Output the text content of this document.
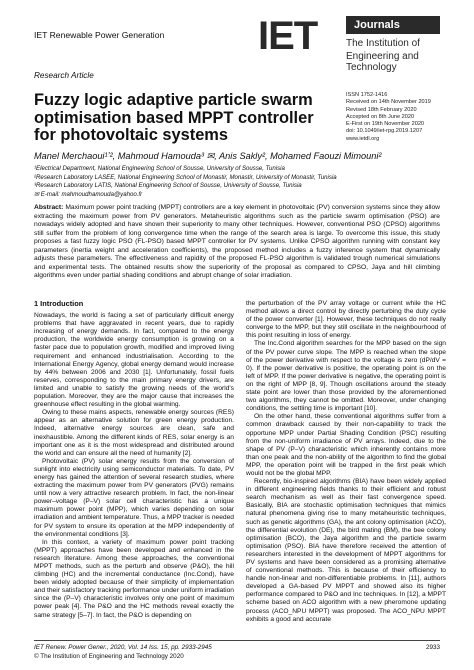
IET Renewable Power Generation
Research Article
IET	Journals
The Institution of
Engineering and Technology
Fuzzy logic adaptive particle swarm optimisation based MPPT controller for photovoltaic systems
ISSN 1752-1416
Received on 14th November 2019
Revised 18th February 2020
Accepted on 8th June 2020
E-First on 19th November 2020
doi: 10.1049/iet-rpg.2019.1207
www.ietdl.org
Manel Merchaoui¹ʼ², Mahmoud Hamouda³ ✉, Anis Sakly², Mohamed Faouzi Mimouni²
¹Electrical Department, National Engineering School of Sousse, University of Sousse, Tunisia
²Research Laboratory LASEE, National Engineering School of Monastir, Monastir, University of Monastir, Tunisia
³Research Laboratory LATIS, National Engineering School of Sousse, University of Sousse, Tunisia
✉ E-mail: mahmoudhamouda@yahoo.fr
Abstract: Maximum power point tracking (MPPT) controllers are a key element in photovoltaic (PV) conversion systems since they allow extracting the maximum power from PV generators. Metaheuristic algorithms such as the particle swarm optimisation (PSO) are nowadays widely adopted and have shown their superiority to many other techniques. However, conventional PSO (CPSO) algorithms still suffer from the problem of long convergence time when the range of the search area is large. To overcome this issue, this study proposes a fast fuzzy logic PSO (FL-PSO) based MPPT controller for PV systems. Unlike CPSO algorithm running with constant key parameters (inertia weight and acceleration coefficients), the proposed method includes a fuzzy inference system that dynamically adjusts these parameters. The effectiveness and rapidity of the proposed FL-PSO algorithm is validated trough numerical simulations and experimental tests. The obtained results show the superiority of the proposal as compared to CPSO, Jaya and hill climbing algorithms even under partial shading conditions and abrupt change of solar irradiation.

1 Introduction

Nowadays, the world is facing a set of particularly difficult energy problems that have aggravated in recent years, due to rapidly increasing of energy demands. In fact, compared to the energy production, the worldwide energy consumption is growing on a faster pace due to population growth, modified and improved living requirement and enhanced industrialisation. According to the International Energy Agency, global energy demand would increase by 44% between 2006 and 2030 [1]. Unfortunately, fossil fuels reserves, corresponding to the main primary energy drivers, are limited and unable to satisfy the growing needs of the world's population. Moreover, they are the major cause that increases the greenhouse effect resulting in the global warming.

Owing to these mains aspects, renewable energy sources (RES) appear as an alternative solution for green energy production. Indeed, alternative energy sources are clean, safe and inexhaustible. Among the different kinds of RES, solar energy is an important one as it is the most widespread and distributed around the world and can ensure all the need of humanity [2].

Photovoltaic (PV) solar energy results from the conversion of sunlight into electricity using semiconductor materials. To date, PV energy has gained the attention of several research studies, where extracting the maximum power from PV generators (PVG) remains until now a very attractive research problem. In fact, the non-linear power–voltage (P–V) solar cell characteristic has a unique maximum power point (MPP), which varies depending on solar irradiation and ambient temperature. Thus, a MPP tracker is needed for PV system to ensure its operation at the MPP independently of the environmental conditions [3].

In this context, a variety of maximum power point tracking (MPPT) approaches have been developed and enhanced in the research literature. Among these approaches, the conventional MPPT methods, such as the perturb and observe (P&O), the hill climbing (HC) and the incremental conductance (Inc.Cond), have been widely adopted because of their simplicity of implementation and their satisfactory tracking performance under uniform irradiation since the (P–V) characteristic involves only one point of maximum power peak [4]. The P&O and the HC methods reveal exactly the same strategy [5–7]. In fact, the P&O is depending on

the perturbation of the PV array voltage or current while the HC method allows a direct control by directly perturbing the duty cycle of the power converter [1]. However, these techniques do not really converge to the MPP, but they still oscillate in the neighbourhood of this point resulting in loss of energy.

The Inc.Cond algorithm searches for the MPP based on the sign of the PV power curve slope. The MPP is reached when the slope of the power derivative with respect to the voltage is zero (dP/dV = 0). If the power derivative is positive, the operating point is on the left of MPP. If the power derivative is negative, the operating point is on the right of MPP [8, 9]. Though oscillations around the steady state point are lower than those provided by the aforementioned two algorithms, they cannot be omitted. Moreover, under changing conditions, the settling time is important [10].

On the other hand, these conventional algorithms suffer from a common drawback caused by their non-capability to track the opportune MPP under Partial Shading Condition (PSC) resulting from the non-uniform irradiance of PV arrays. Indeed, due to the shape of PV (P–V) characteristic which inherently contains more than one peak and the non-ability of the algorithm to find the global MPP, the operation point will be trapped in the first peak which would not be the global MPP.

Recently, bio-inspired algorithms (BIA) have been widely applied in different engineering fields thanks to their efficient and robust search mechanism as well as their fast convergence speed. Basically, BIA are stochastic optimisation techniques that mimics natural phenomena giving rise to many metaheuristic techniques, such as genetic algorithms (GA), the ant colony optimisation (ACO), the differential evolution (DE), the bird mating (BM), the bee colony optimisation (BCO), the Jaya algorithm and the particle swarm optimisation (PSO). BIA have therefore received the attention of researchers interested in the development of MPPT algorithms for PV systems and have been considered as a promising alternative of conventional methods. This is because of their efficiency to handle non-linear and non-differentiable problems. In [11], authors developed a GA-based PV MPPT and showed also its higher performance compared to P&O and Inc techniques. In [12], a MPPT scheme based on ACO algorithm with a new pheromone updating process (ACO_NPU MPPT) was proposed. The ACO_NPU MPPT exhibits a good and accurate

IET Renew. Power Gener., 2020, Vol. 14 Iss. 15, pp. 2933-2945
© The Institution of Engineering and Technology 2020
2933
